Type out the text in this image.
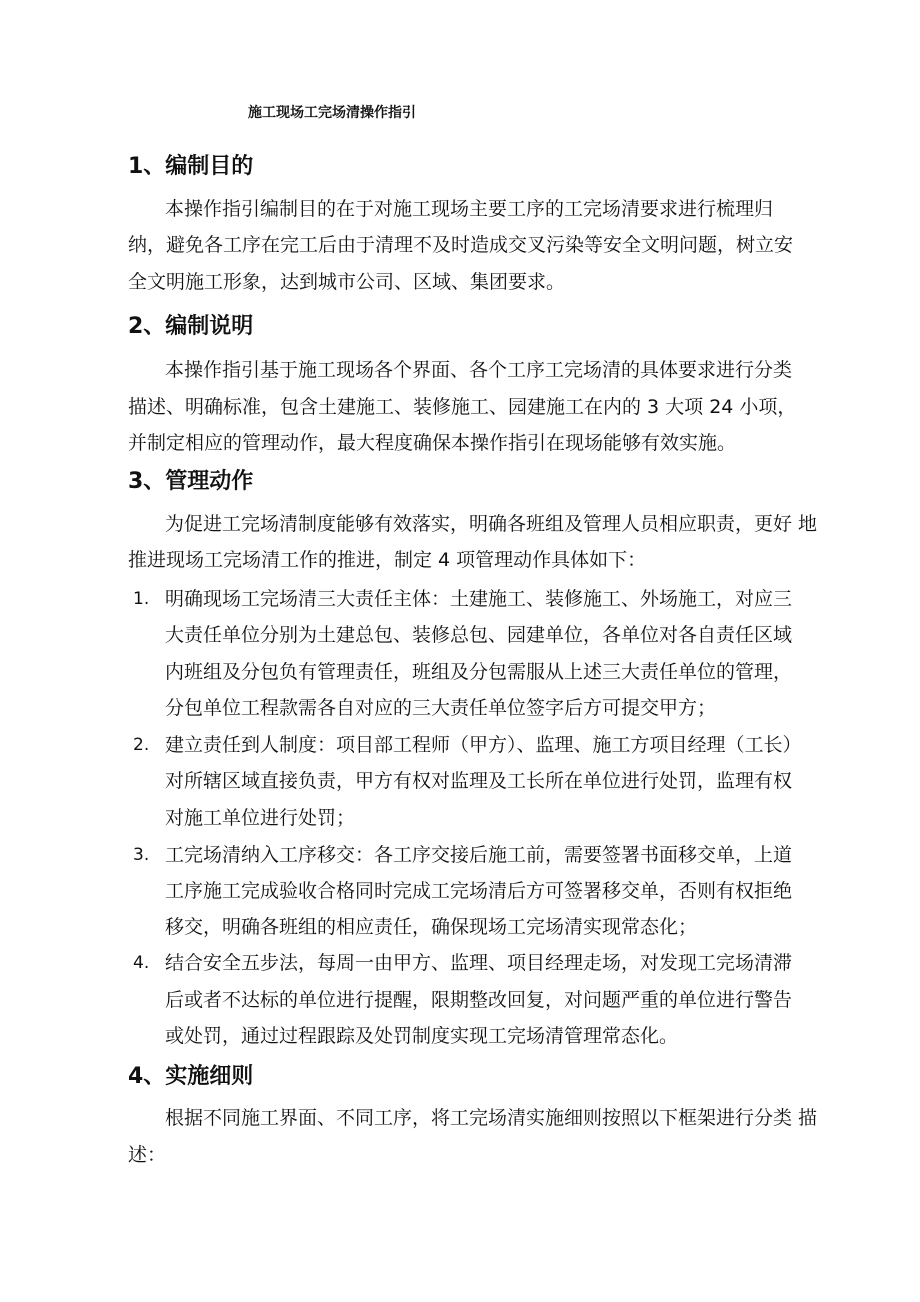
施工现场工完场清操作指引
1、编制目的
本操作指引编制目的在于对施工现场主要工序的工完场清要求进行梳理归
纳，避免各工序在完工后由于清理不及时造成交叉污染等安全文明问题，树立安
全文明施工形象，达到城市公司、区域、集团要求。
2、编制说明
本操作指引基于施工现场各个界面、各个工序工完场清的具体要求进行分类
描述、明确标准，包含土建施工、装修施工、园建施工在内的 3 大项 24 小项，
并制定相应的管理动作，最大程度确保本操作指引在现场能够有效实施。
3、管理动作
为促进工完场清制度能够有效落实，明确各班组及管理人员相应职责，更好 地
推进现场工完场清工作的推进，制定 4 项管理动作具体如下：
1. 明确现场工完场清三大责任主体：土建施工、装修施工、外场施工，对应三
大责任单位分别为土建总包、装修总包、园建单位，各单位对各自责任区域
内班组及分包负有管理责任，班组及分包需服从上述三大责任单位的管理，
分包单位工程款需各自对应的三大责任单位签字后方可提交甲方；
2. 建立责任到人制度：项目部工程师（甲方）、监理、施工方项目经理（工长）
对所辖区域直接负责，甲方有权对监理及工长所在单位进行处罚，监理有权
对施工单位进行处罚；
3. 工完场清纳入工序移交：各工序交接后施工前，需要签署书面移交单，上道
工序施工完成验收合格同时完成工完场清后方可签署移交单，否则有权拒绝
移交，明确各班组的相应责任，确保现场工完场清实现常态化；
4. 结合安全五步法，每周一由甲方、监理、项目经理走场，对发现工完场清滞
后或者不达标的单位进行提醒，限期整改回复，对问题严重的单位进行警告
或处罚，通过过程跟踪及处罚制度实现工完场清管理常态化。
4、实施细则
根据不同施工界面、不同工序，将工完场清实施细则按照以下框架进行分类 描
述：
